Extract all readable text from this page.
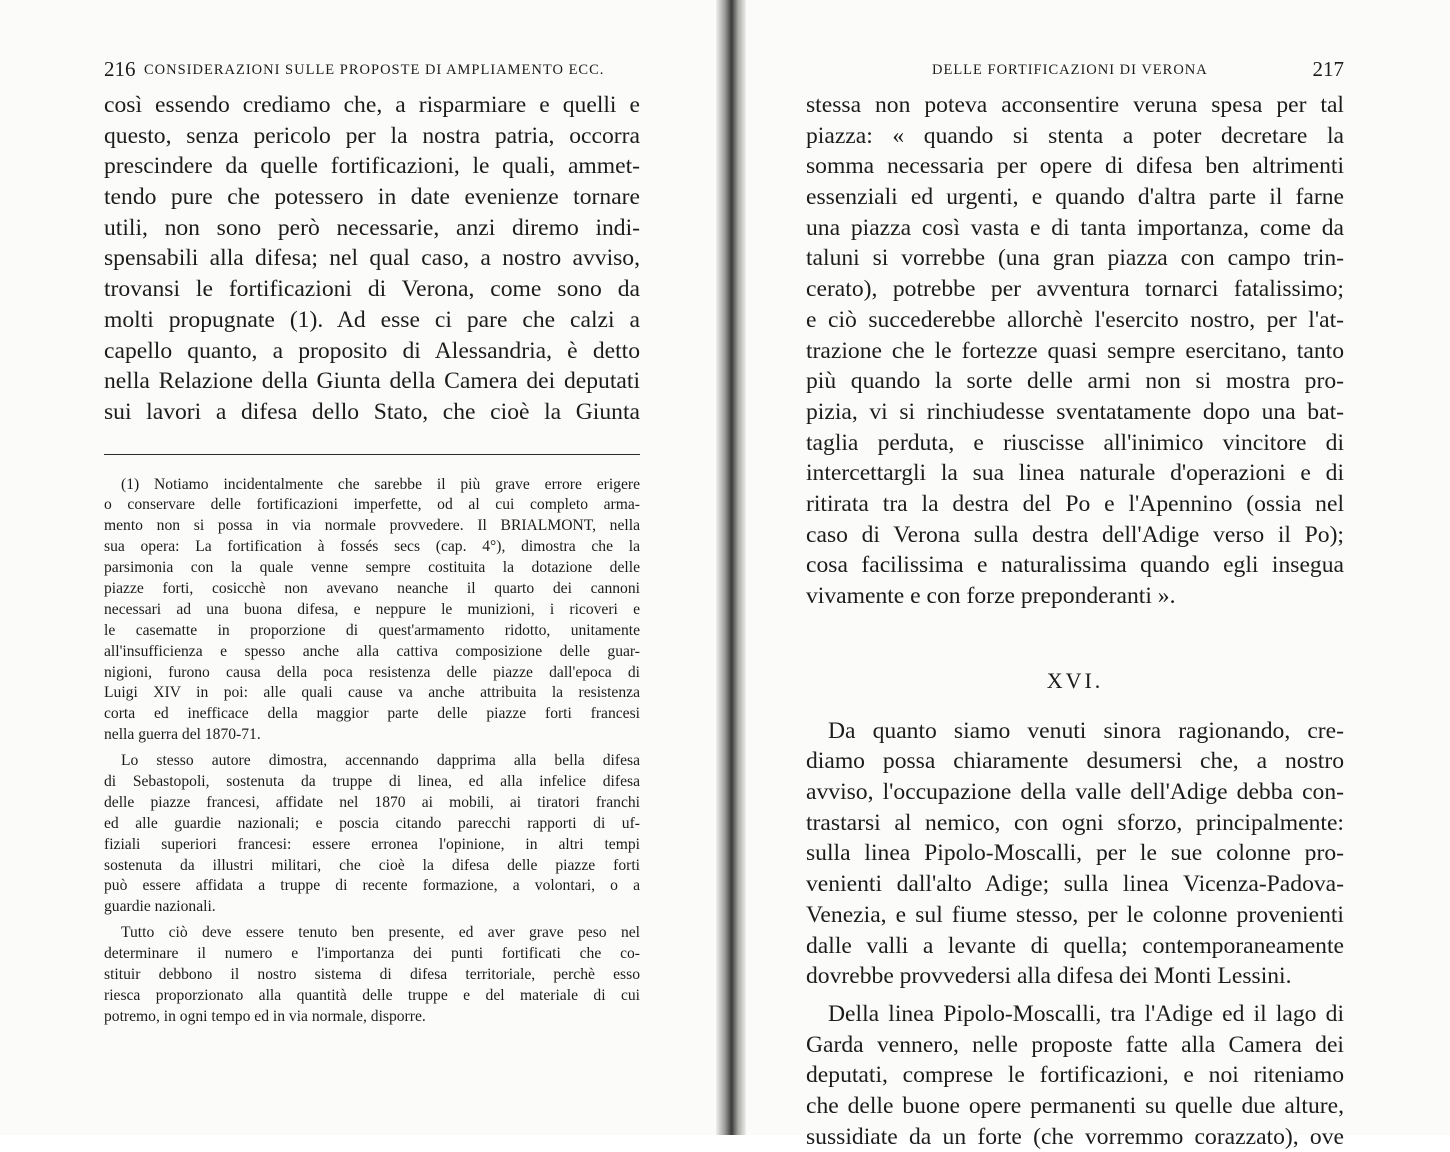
216 CONSIDERAZIONI SULLE PROPOSTE DI AMPLIAMENTO ECC.
così essendo crediamo che, a risparmiare e quelli e
questo, senza pericolo per la nostra patria, occorra
prescindere da quelle fortificazioni, le quali, ammet-
tendo pure che potessero in date evenienze tornare
utili, non sono però necessarie, anzi diremo indi-
spensabili alla difesa; nel qual caso, a nostro avviso,
trovansi le fortificazioni di Verona, come sono da
molti propugnate (1). Ad esse ci pare che calzi a
capello quanto, a proposito di Alessandria, è detto
nella Relazione della Giunta della Camera dei deputati
sui lavori a difesa dello Stato, che cioè la Giunta
(1) Notiamo incidentalmente che sarebbe il più grave errore erigere
o conservare delle fortificazioni imperfette, od al cui completo arma-
mento non si possa in via normale provvedere. Il BRIALMONT, nella
sua opera: La fortification à fossés secs (cap. 4°), dimostra che la
parsimonia con la quale venne sempre costituita la dotazione delle
piazze forti, cosicchè non avevano neanche il quarto dei cannoni
necessari ad una buona difesa, e neppure le munizioni, i ricoveri e
le casematte in proporzione di quest'armamento ridotto, unitamente
all'insufficienza e spesso anche alla cattiva composizione delle guar-
nigioni, furono causa della poca resistenza delle piazze dall'epoca di
Luigi XIV in poi: alle quali cause va anche attribuita la resistenza
corta ed inefficace della maggior parte delle piazze forti francesi
nella guerra del 1870-71.
Lo stesso autore dimostra, accennando dapprima alla bella difesa
di Sebastopoli, sostenuta da truppe di linea, ed alla infelice difesa
delle piazze francesi, affidate nel 1870 ai mobili, ai tiratori franchi
ed alle guardie nazionali; e poscia citando parecchi rapporti di uf-
fiziali superiori francesi: essere erronea l'opinione, in altri tempi
sostenuta da illustri militari, che cioè la difesa delle piazze forti
può essere affidata a truppe di recente formazione, a volontari, o a
guardie nazionali.
Tutto ciò deve essere tenuto ben presente, ed aver grave peso nel
determinare il numero e l'importanza dei punti fortificati che co-
stituir debbono il nostro sistema di difesa territoriale, perchè esso
riesca proporzionato alla quantità delle truppe e del materiale di cui
potremo, in ogni tempo ed in via normale, disporre.
DELLE FORTIFICAZIONI DI VERONA	217
stessa non poteva acconsentire veruna spesa per tal
piazza: « quando si stenta a poter decretare la
somma necessaria per opere di difesa ben altrimenti
essenziali ed urgenti, e quando d'altra parte il farne
una piazza così vasta e di tanta importanza, come da
taluni si vorrebbe (una gran piazza con campo trin-
cerato), potrebbe per avventura tornarci fatalissimo;
e ciò succederebbe allorchè l'esercito nostro, per l'at-
trazione che le fortezze quasi sempre esercitano, tanto
più quando la sorte delle armi non si mostra pro-
pizia, vi si rinchiudesse sventatamente dopo una bat-
taglia perduta, e riuscisse all'inimico vincitore di
intercettargli la sua linea naturale d'operazioni e di
ritirata tra la destra del Po e l'Apennino (ossia nel
caso di Verona sulla destra dell'Adige verso il Po);
cosa facilissima e naturalissima quando egli insegua
vivamente e con forze preponderanti ».
XVI.
Da quanto siamo venuti sinora ragionando, cre-
diamo possa chiaramente desumersi che, a nostro
avviso, l'occupazione della valle dell'Adige debba con-
trastarsi al nemico, con ogni sforzo, principalmente:
sulla linea Pipolo-Moscalli, per le sue colonne pro-
venienti dall'alto Adige; sulla linea Vicenza-Padova-
Venezia, e sul fiume stesso, per le colonne provenienti
dalle valli a levante di quella; contemporaneamente
dovrebbe provvedersi alla difesa dei Monti Lessini.
Della linea Pipolo-Moscalli, tra l'Adige ed il lago di
Garda vennero, nelle proposte fatte alla Camera dei
deputati, comprese le fortificazioni, e noi riteniamo
che delle buone opere permanenti su quelle due alture,
sussidiate da un forte (che vorremmo corazzato), ove
